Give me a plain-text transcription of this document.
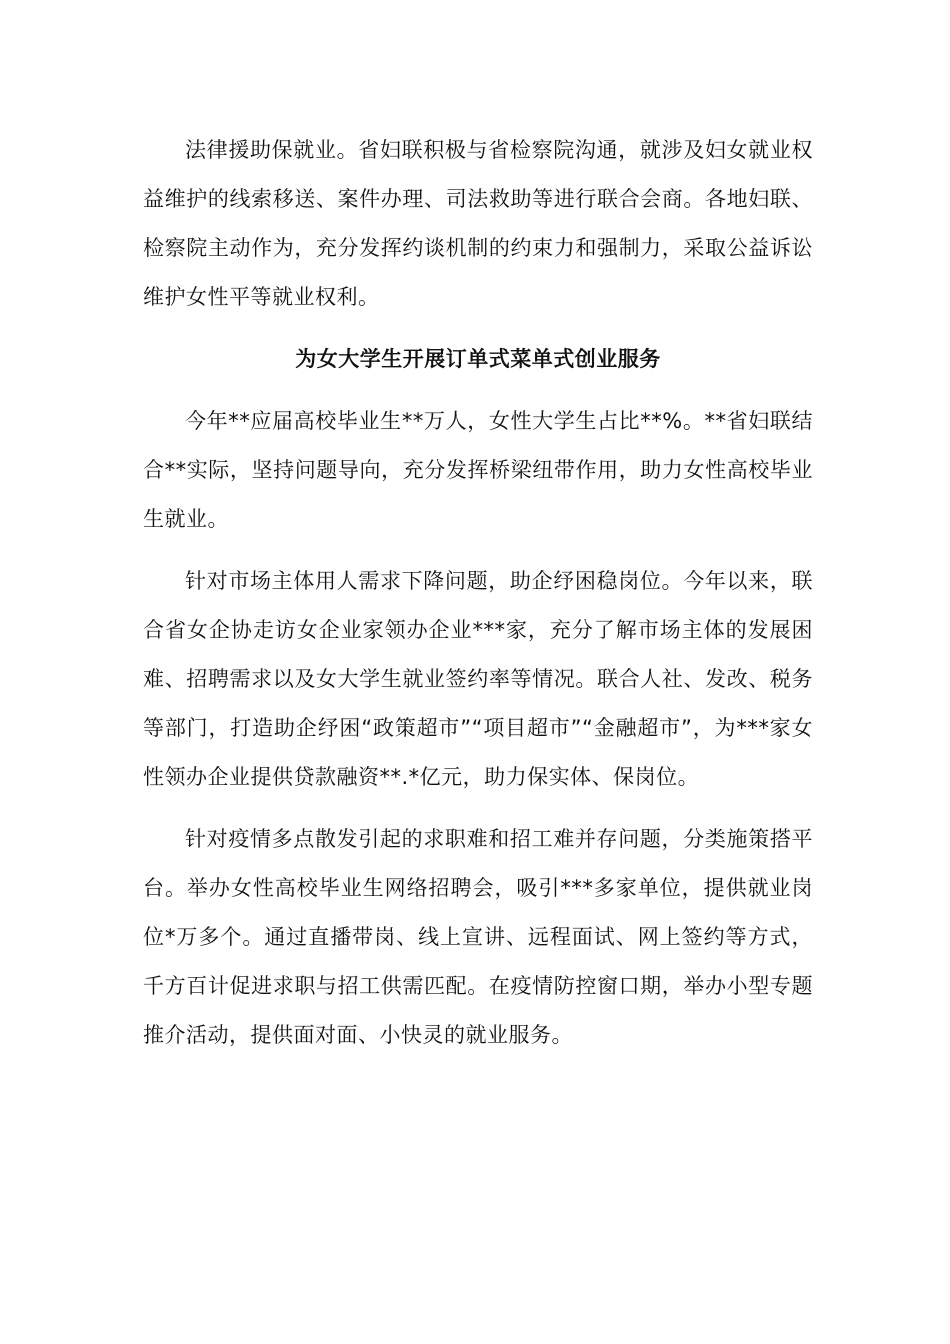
法律援助保就业。省妇联积极与省检察院沟通，就涉及妇女就业权益维护的线索移送、案件办理、司法救助等进行联合会商。各地妇联、检察院主动作为，充分发挥约谈机制的约束力和强制力，采取公益诉讼维护女性平等就业权利。

为女大学生开展订单式菜单式创业服务

今年**应届高校毕业生**万人，女性大学生占比**%。**省妇联结合**实际，坚持问题导向，充分发挥桥梁纽带作用，助力女性高校毕业生就业。

针对市场主体用人需求下降问题，助企纾困稳岗位。今年以来，联合省女企协走访女企业家领办企业***家，充分了解市场主体的发展困难、招聘需求以及女大学生就业签约率等情况。联合人社、发改、税务等部门，打造助企纾困“政策超市”“项目超市”“金融超市”，为***家女性领办企业提供贷款融资**.*亿元，助力保实体、保岗位。

针对疫情多点散发引起的求职难和招工难并存问题，分类施策搭平台。举办女性高校毕业生网络招聘会，吸引***多家单位，提供就业岗位*万多个。通过直播带岗、线上宣讲、远程面试、网上签约等方式，千方百计促进求职与招工供需匹配。在疫情防控窗口期，举办小型专题推介活动，提供面对面、小快灵的就业服务。
